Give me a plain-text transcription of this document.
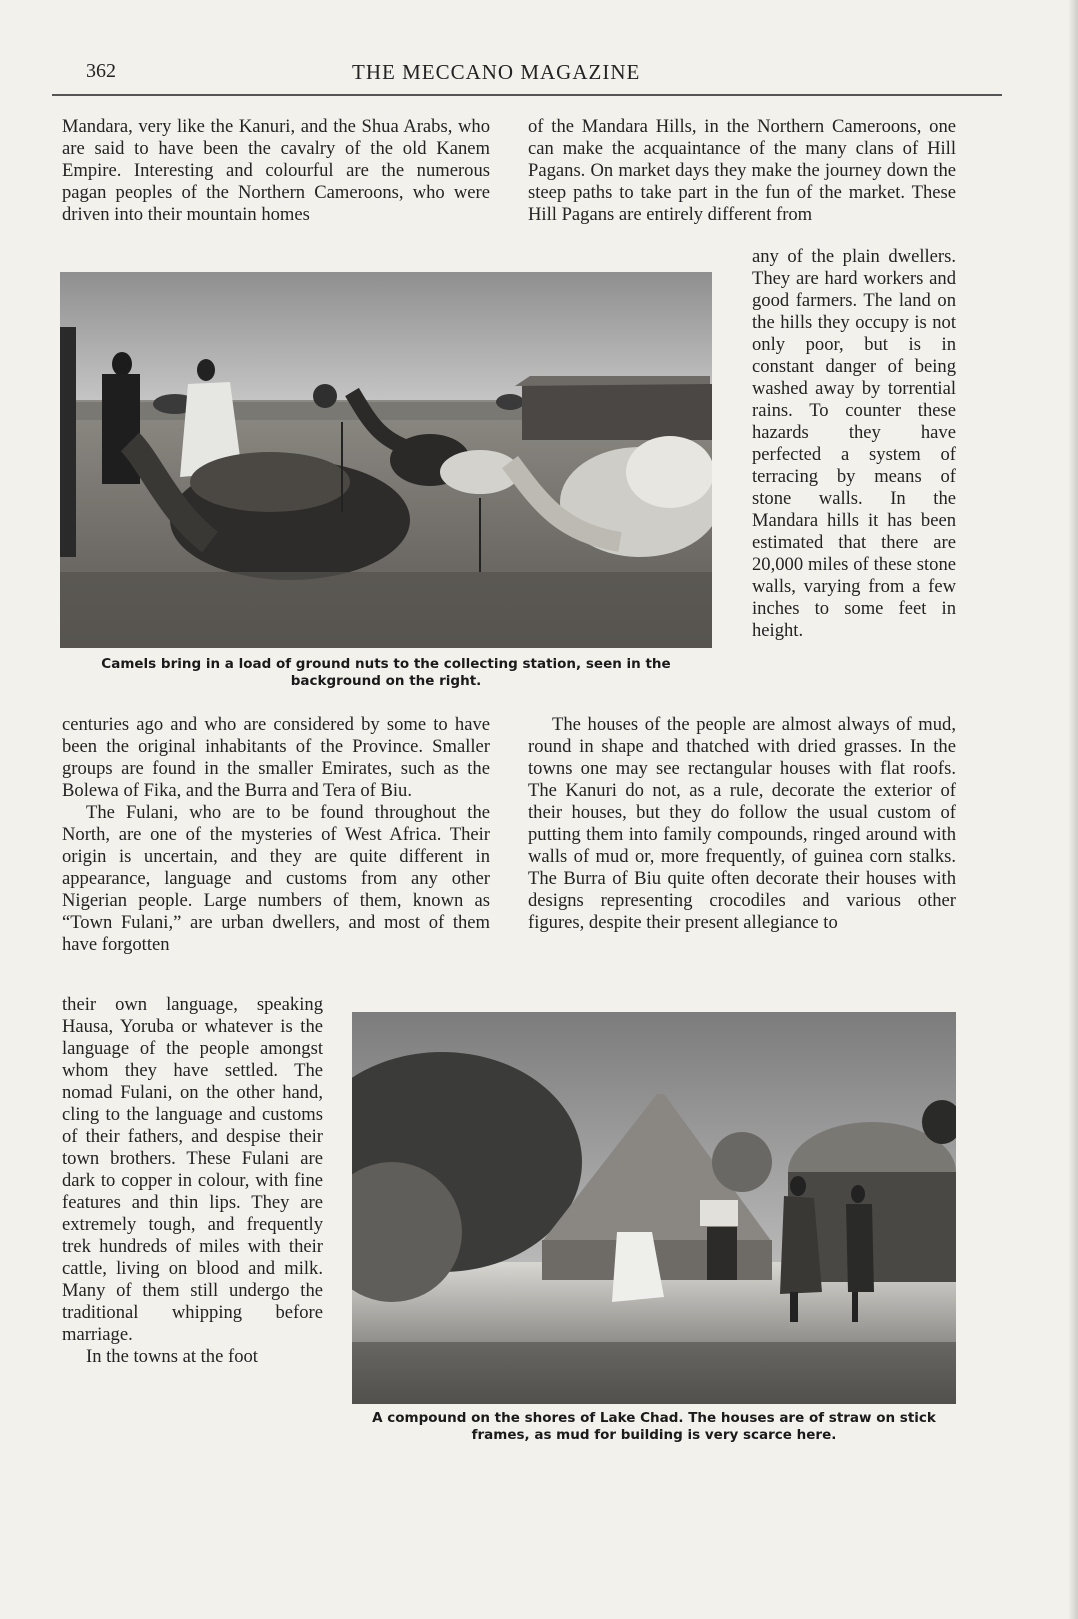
362	THE MECCANO MAGAZINE

Mandara, very like the Kanuri, and the Shua Arabs, who are said to have been the cavalry of the old Kanem Empire. Interesting and colourful are the numerous pagan peoples of the Northern Cameroons, who were driven into their mountain homes

of the Mandara Hills, in the Northern Cameroons, one can make the acquaintance of the many clans of Hill Pagans. On market days they make the journey down the steep paths to take part in the fun of the market. These Hill Pagans are entirely different from

any of the plain dwellers. They are hard workers and good farmers. The land on the hills they occupy is not only poor, but is in constant danger of being washed away by torrential rains. To counter these hazards they have perfected a system of terracing by means of stone walls. In the Mandara hills it has been estimated that there are 20,000 miles of these stone walls, varying from a few inches to some feet in height.

Camels bring in a load of ground nuts to the collecting station, seen in the background on the right.

centuries ago and who are considered by some to have been the original inhabitants of the Province. Smaller groups are found in the smaller Emirates, such as the Bolewa of Fika, and the Burra and Tera of Biu.

The Fulani, who are to be found throughout the North, are one of the mysteries of West Africa. Their origin is uncertain, and they are quite different in appearance, language and customs from any other Nigerian people. Large numbers of them, known as “Town Fulani,” are urban dwellers, and most of them have forgotten

The houses of the people are almost always of mud, round in shape and thatched with dried grasses. In the towns one may see rectangular houses with flat roofs. The Kanuri do not, as a rule, decorate the exterior of their houses, but they do follow the usual custom of putting them into family compounds, ringed around with walls of mud or, more frequently, of guinea corn stalks. The Burra of Biu quite often decorate their houses with designs representing crocodiles and various other figures, despite their present allegiance to

their own language, speaking Hausa, Yoruba or whatever is the language of the people amongst whom they have settled. The nomad Fulani, on the other hand, cling to the language and customs of their fathers, and despise their town brothers. These Fulani are dark to copper in colour, with fine features and thin lips. They are extremely tough, and frequently trek hundreds of miles with their cattle, living on blood and milk. Many of them still undergo the traditional whipping before marriage.

In the towns at the foot

A compound on the shores of Lake Chad. The houses are of straw on stick frames, as mud for building is very scarce here.
